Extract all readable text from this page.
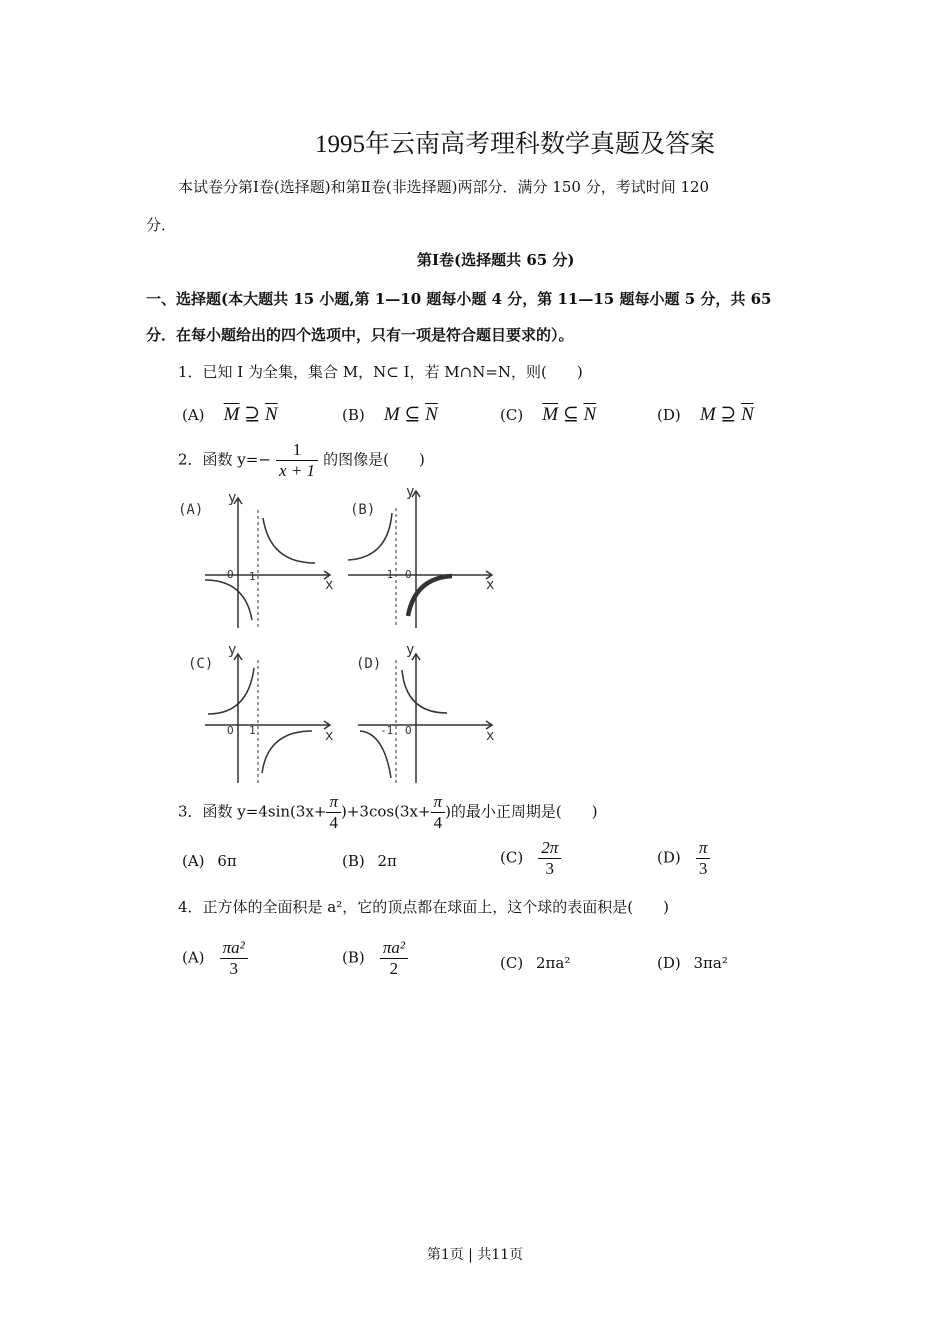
1995年云南高考理科数学真题及答案
本试卷分第Ⅰ卷(选择题)和第Ⅱ卷(非选择题)两部分．满分 150 分，考试时间 120
分．
第Ⅰ卷(选择题共 65 分)
一、选择题(本大题共 15 小题,第 1—10 题每小题 4 分，第 11—15 题每小题 5 分，共 65
分．在每小题给出的四个选项中，只有一项是符合题目要求的）。
1．已知 I 为全集，集合 M，N⊂ I，若 M∩N=N，则(　　)
(A) $\overline{M}$ ⊇ $\overline{N}$	(B) M ⊆ $\overline{N}$	(C) $\overline{M}$ ⊆ $\overline{N}$	(D) M ⊇ $\overline{N}$
2．函数 $y=- \frac{1}{x + 1}$ 的图像是(　　)
(A)
y
x
O 1
(B)
y
x
O
-1
(C)
y
x
O 1
(D)
y
x
O
-1
3．函数 $y=4\sin(3x+ \frac{\pi}{4} )+3\cos(3x+ \frac{\pi}{4}$ )的最小正周期是(　　)
(A) 6π	(B) 2π	$(C) \frac{2\pi}{3}$	$(D) \frac{\pi}{3}$
4．正方体的全面积是 a²，它的顶点都在球面上，这个球的表面积是(　　)
$(A) \frac{\text{πa²}}{3}$	$(B) \frac{\text{πa²}}{2}$	(C) 2πa²	(D) 3πa²
第1页 | 共11页
